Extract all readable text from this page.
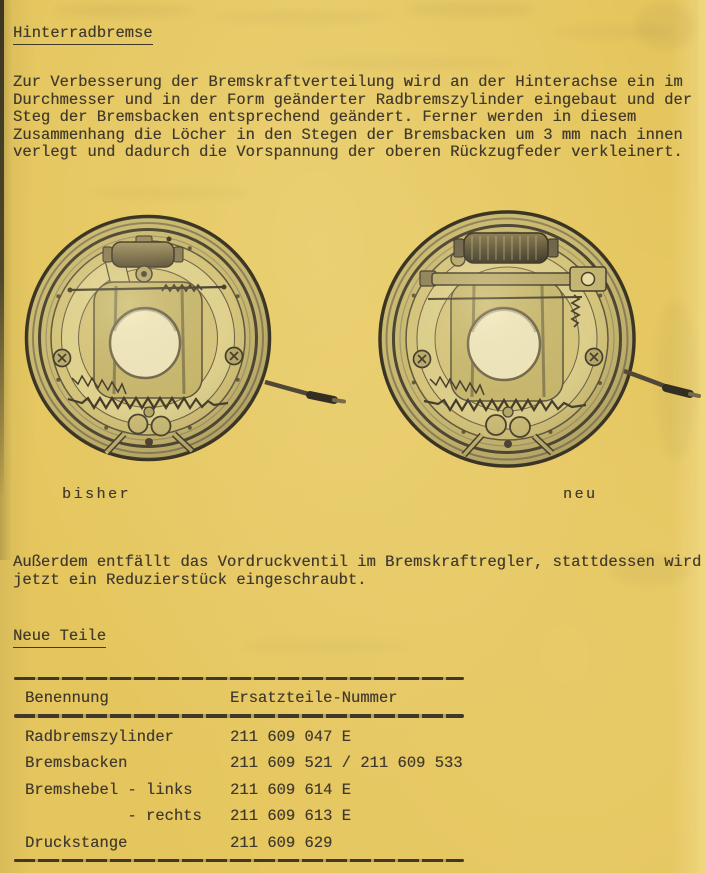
Hinterradbremse
Zur Verbesserung der Bremskraftverteilung wird an der Hinterachse ein im
Durchmesser und in der Form geänderter Radbremszylinder eingebaut und der
Steg der Bremsbacken entsprechend geändert. Ferner werden in diesem
Zusammenhang die Löcher in den Stegen der Bremsbacken um 3 mm nach innen
verlegt und dadurch die Vorspannung der oberen Rückzugfeder verkleinert.
bisher	neu
Außerdem entfällt das Vordruckventil im Bremskraftregler, stattdessen wird
jetzt ein Reduzierstück eingeschraubt.
Neue Teile
Benennung	Ersatzteile-Nummer
Radbremszylinder	211 609 047 E
Bremsbacken	211 609 521 / 211 609 533
Bremshebel - links	211 609 614 E
- rechts	211 609 613 E
Druckstange	211 609 629
